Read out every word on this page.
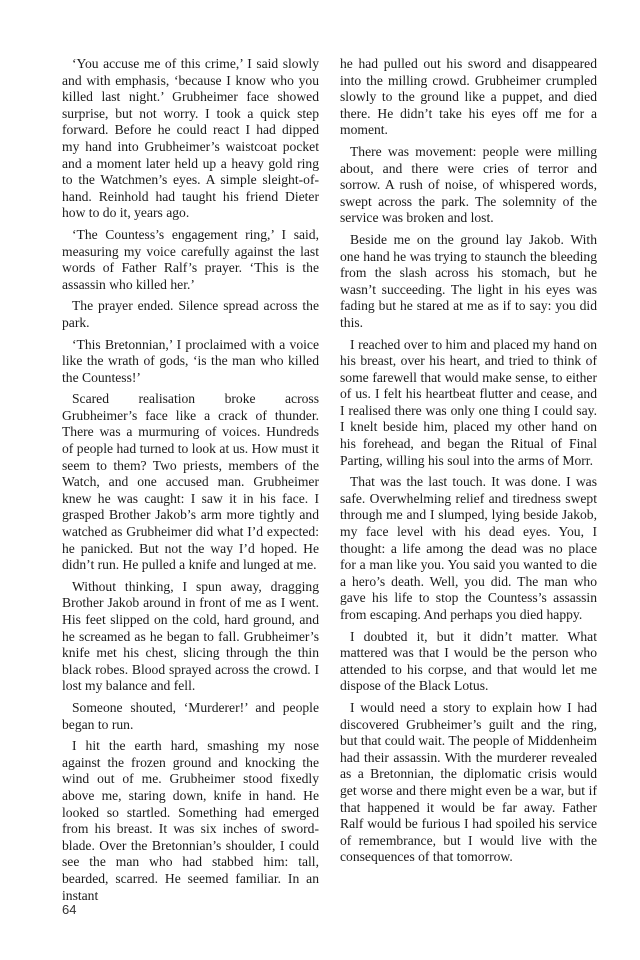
‘You accuse me of this crime,’ I said slowly and with emphasis, ‘because I know who you killed last night.’ Grubheimer face showed surprise, but not worry. I took a quick step forward. Before he could react I had dipped my hand into Grubheimer’s waistcoat pocket and a moment later held up a heavy gold ring to the Watchmen’s eyes. A simple sleight-of-hand. Reinhold had taught his friend Dieter how to do it, years ago.

‘The Countess’s engagement ring,’ I said, measuring my voice carefully against the last words of Father Ralf’s prayer. ‘This is the assassin who killed her.’

The prayer ended. Silence spread across the park.

‘This Bretonnian,’ I proclaimed with a voice like the wrath of gods, ‘is the man who killed the Countess!’

Scared realisation broke across Grubheimer’s face like a crack of thunder. There was a murmuring of voices. Hundreds of people had turned to look at us. How must it seem to them? Two priests, members of the Watch, and one accused man. Grubheimer knew he was caught: I saw it in his face. I grasped Brother Jakob’s arm more tightly and watched as Grubheimer did what I’d expected: he panicked. But not the way I’d hoped. He didn’t run. He pulled a knife and lunged at me.

Without thinking, I spun away, dragging Brother Jakob around in front of me as I went. His feet slipped on the cold, hard ground, and he screamed as he began to fall. Grubheimer’s knife met his chest, slicing through the thin black robes. Blood sprayed across the crowd. I lost my balance and fell.

Someone shouted, ‘Murderer!’ and people began to run.

I hit the earth hard, smashing my nose against the frozen ground and knocking the wind out of me. Grubheimer stood fixedly above me, staring down, knife in hand. He looked so startled. Something had emerged from his breast. It was six inches of sword-blade. Over the Bretonnian’s shoulder, I could see the man who had stabbed him: tall, bearded, scarred. He seemed familiar. In an instant

he had pulled out his sword and disappeared into the milling crowd. Grubheimer crumpled slowly to the ground like a puppet, and died there. He didn’t take his eyes off me for a moment.

There was movement: people were milling about, and there were cries of terror and sorrow. A rush of noise, of whispered words, swept across the park. The solemnity of the service was broken and lost.

Beside me on the ground lay Jakob. With one hand he was trying to staunch the bleeding from the slash across his stomach, but he wasn’t succeeding. The light in his eyes was fading but he stared at me as if to say: you did this.

I reached over to him and placed my hand on his breast, over his heart, and tried to think of some farewell that would make sense, to either of us. I felt his heartbeat flutter and cease, and I realised there was only one thing I could say. I knelt beside him, placed my other hand on his forehead, and began the Ritual of Final Parting, willing his soul into the arms of Morr.

That was the last touch. It was done. I was safe. Overwhelming relief and tiredness swept through me and I slumped, lying beside Jakob, my face level with his dead eyes. You, I thought: a life among the dead was no place for a man like you. You said you wanted to die a hero’s death. Well, you did. The man who gave his life to stop the Countess’s assassin from escaping. And perhaps you died happy.

I doubted it, but it didn’t matter. What mattered was that I would be the person who attended to his corpse, and that would let me dispose of the Black Lotus.

I would need a story to explain how I had discovered Grubheimer’s guilt and the ring, but that could wait. The people of Middenheim had their assassin. With the murderer revealed as a Bretonnian, the diplomatic crisis would get worse and there might even be a war, but if that happened it would be far away. Father Ralf would be furious I had spoiled his service of remembrance, but I would live with the consequences of that tomorrow.

64
